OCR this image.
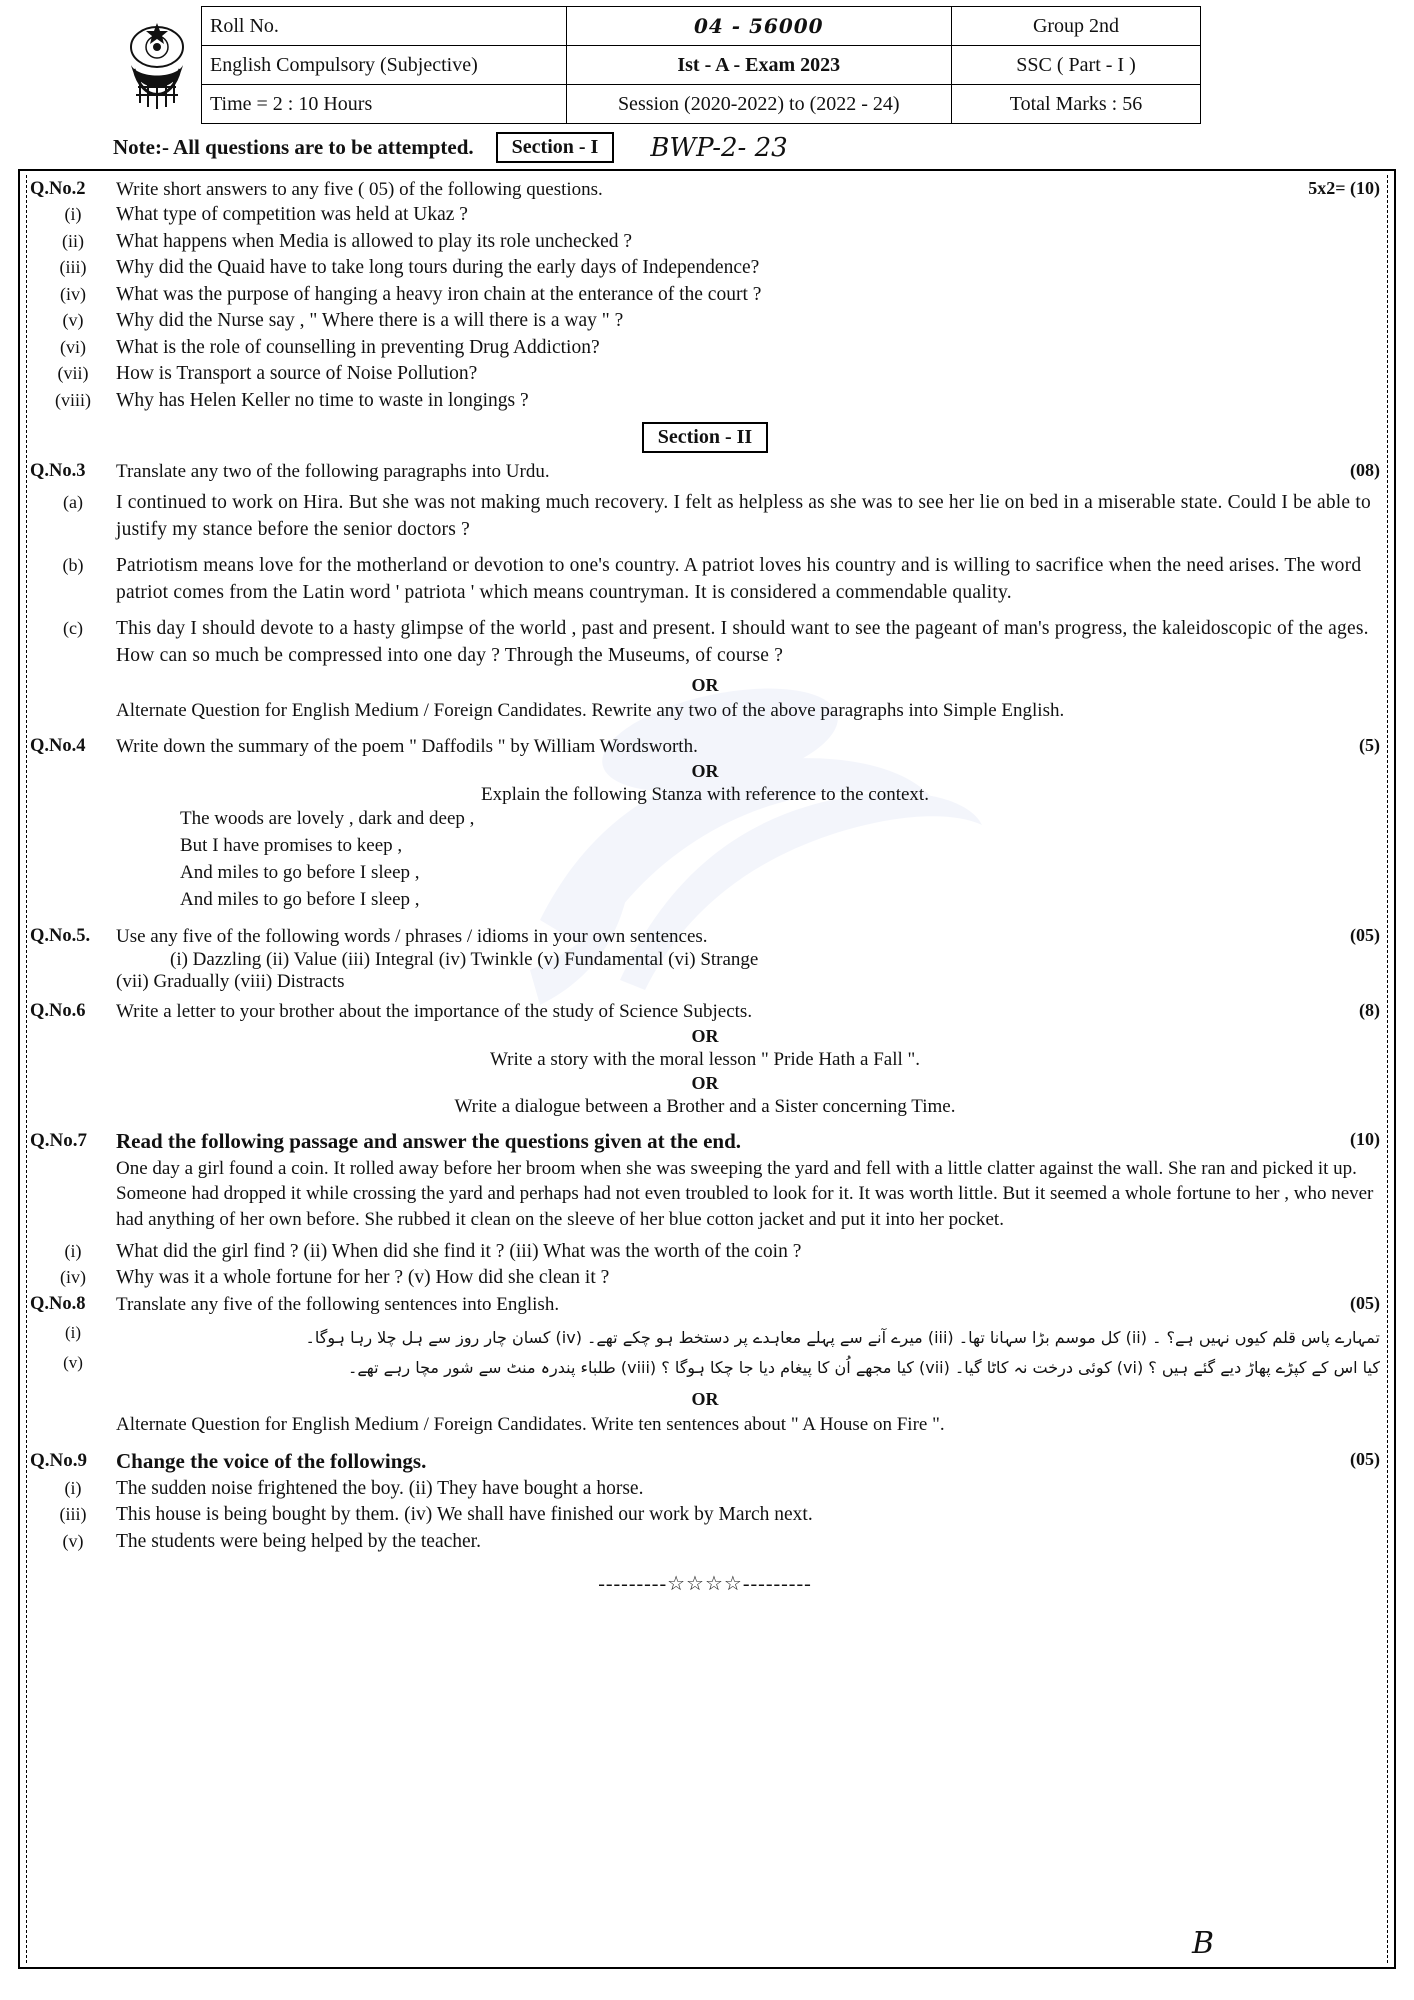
Roll No.	04 - 56000	Group 2nd
English Compulsory (Subjective)	Ist - A - Exam 2023	SSC ( Part - I )
Time = 2 : 10 Hours	Session (2020-2022) to (2022 - 24)	Total Marks : 56
Note:- All questions are to be attempted.	Section - I	BWP-2- 23
Q.No.2	Write short answers to any five ( 05) of the following questions.	5x2= (10)
(i)	What type of competition was held at Ukaz ?
(ii)	What happens when Media is allowed to play its role unchecked ?
(iii)	Why did the Quaid have to take long tours during the early days of Independence?
(iv)	What was the purpose of hanging a heavy iron chain at the enterance of the court ?
(v)	Why did the Nurse say , " Where there is a will there is a way " ?
(vi)	What is the role of counselling in preventing Drug Addiction?
(vii)	How is Transport a source of Noise Pollution?
(viii)	Why has Helen Keller no time to waste in longings ?
Section - II
Q.No.3	Translate any two of the following paragraphs into Urdu.	(08)
(a)	I continued to work on Hira. But she was not making much recovery. I felt as helpless as she was to see her lie on bed in a miserable state. Could I be able to justify my stance before the senior doctors ?
(b)	Patriotism means love for the motherland or devotion to one's country. A patriot loves his country and is willing to sacrifice when the need arises. The word patriot comes from the Latin word ' patriota ' which means countryman. It is considered a commendable quality.
(c)	This day I should devote to a hasty glimpse of the world , past and present. I should want to see the pageant of man's progress, the kaleidoscopic of the ages. How can so much be compressed into one day ? Through the Museums, of course ?
OR
Alternate Question for English Medium / Foreign Candidates. Rewrite any two of the above paragraphs into Simple English.
Q.No.4	Write down the summary of the poem " Daffodils " by William Wordsworth.	(5)
OR
Explain the following Stanza with reference to the context.
The woods are lovely , dark and deep ,
But I have promises to keep ,
And miles to go before I sleep ,
And miles to go before I sleep ,
Q.No.5.	Use any five of the following words / phrases / idioms in your own sentences.	(05)
(i) Dazzling (ii) Value (iii) Integral (iv) Twinkle (v) Fundamental (vi) Strange
(vii) Gradually (viii) Distracts
Q.No.6	Write a letter to your brother about the importance of the study of Science Subjects.	(8)
OR
Write a story with the moral lesson " Pride Hath a Fall ".
OR
Write a dialogue between a Brother and a Sister concerning Time.
Q.No.7	Read the following passage and answer the questions given at the end.	(10)
One day a girl found a coin. It rolled away before her broom when she was sweeping the yard and fell with a little clatter against the wall. She ran and picked it up. Someone had dropped it while crossing the yard and perhaps had not even troubled to look for it. It was worth little. But it seemed a whole fortune to her , who never had anything of her own before. She rubbed it clean on the sleeve of her blue cotton jacket and put it into her pocket.
(i)	What did the girl find ? (ii) When did she find it ? (iii) What was the worth of the coin ?
(iv)	Why was it a whole fortune for her ? (v) How did she clean it ?
Q.No.8	Translate any five of the following sentences into English.	(05)
(i)	تمہارے پاس قلم کیوں نہیں ہے؟ ۔ (ii) کل موسم بڑا سہانا تھا۔ (iii) میرے آنے سے پہلے معاہدے پر دستخط ہو چکے تھے۔ (iv) کسان چار روز سے ہل چلا رہا ہوگا۔
(v)	کیا اس کے کپڑے پھاڑ دیے گئے ہیں ؟ (vi) کوئی درخت نہ کاٹا گیا۔ (vii) کیا مجھے اُن کا پیغام دیا جا چکا ہوگا ؟ (viii) طلباء پندرہ منٹ سے شور مچا رہے تھے۔
OR
Alternate Question for English Medium / Foreign Candidates. Write ten sentences about " A House on Fire ".
Q.No.9	Change the voice of the followings.	(05)
(i)	The sudden noise frightened the boy. (ii) They have bought a horse.
(iii)	This house is being bought by them. (iv) We shall have finished our work by March next.
(v)	The students were being helped by the teacher.
---------☆☆☆☆---------
B
